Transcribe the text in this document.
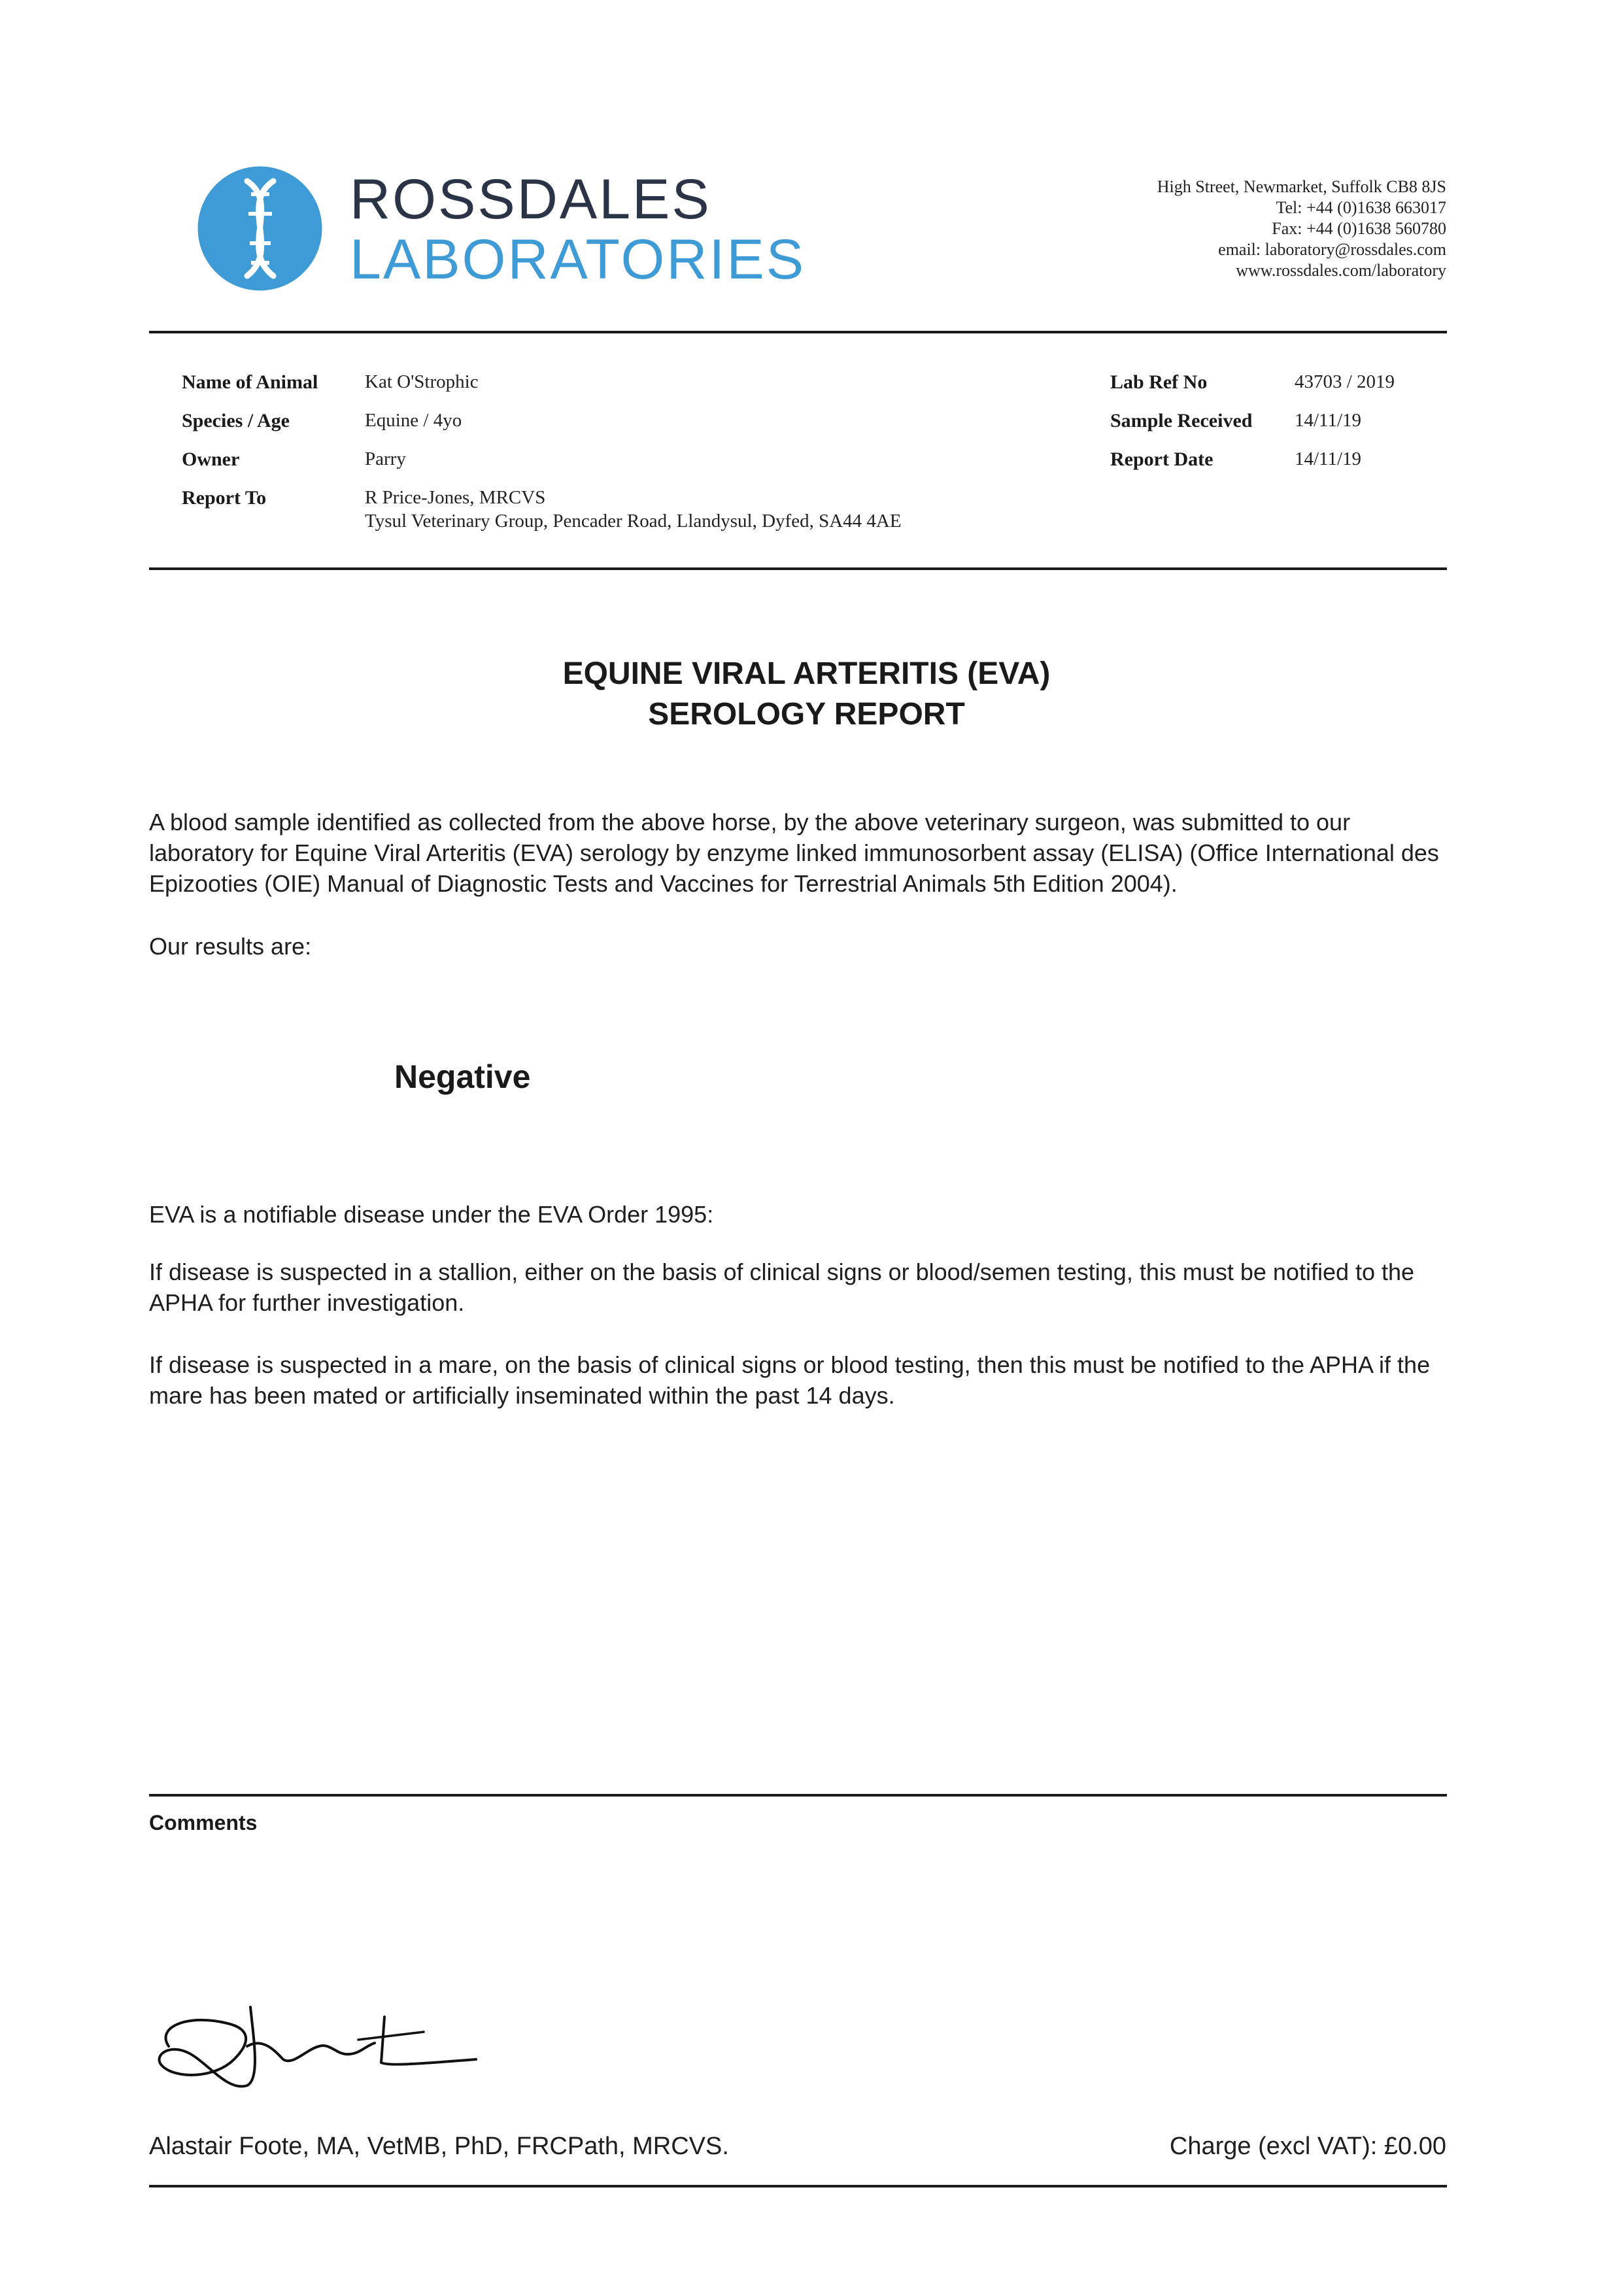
ROSSDALES
LABORATORIES
High Street, Newmarket, Suffolk CB8 8JS
Tel: +44 (0)1638 663017
Fax: +44 (0)1638 560780
email: laboratory@rossdales.com
www.rossdales.com/laboratory
Name of Animal Kat O'Strophic
Species / Age	Equine / 4yo
Owner	Parry
Report To	R Price-Jones, MRCVS
Tysul Veterinary Group, Pencader Road, Llandysul, Dyfed, SA44 4AE
Lab Ref No	43703 / 2019
Sample Received 14/11/19
Report Date	14/11/19
EQUINE VIRAL ARTERITIS (EVA)
SEROLOGY REPORT
A blood sample identified as collected from the above horse, by the above veterinary surgeon, was submitted to our laboratory for Equine Viral Arteritis (EVA) serology by enzyme linked immunosorbent assay (ELISA) (Office International des Epizooties (OIE) Manual of Diagnostic Tests and Vaccines for Terrestrial Animals 5th Edition 2004).
Our results are:
Negative
EVA is a notifiable disease under the EVA Order 1995:
If disease is suspected in a stallion, either on the basis of clinical signs or blood/semen testing, this must be notified to the APHA for further investigation.
If disease is suspected in a mare, on the basis of clinical signs or blood testing, then this must be notified to the APHA if the mare has been mated or artificially inseminated within the past 14 days.
Comments
Alastair Foote, MA, VetMB, PhD, FRCPath, MRCVS.	Charge (excl VAT): £0.00
